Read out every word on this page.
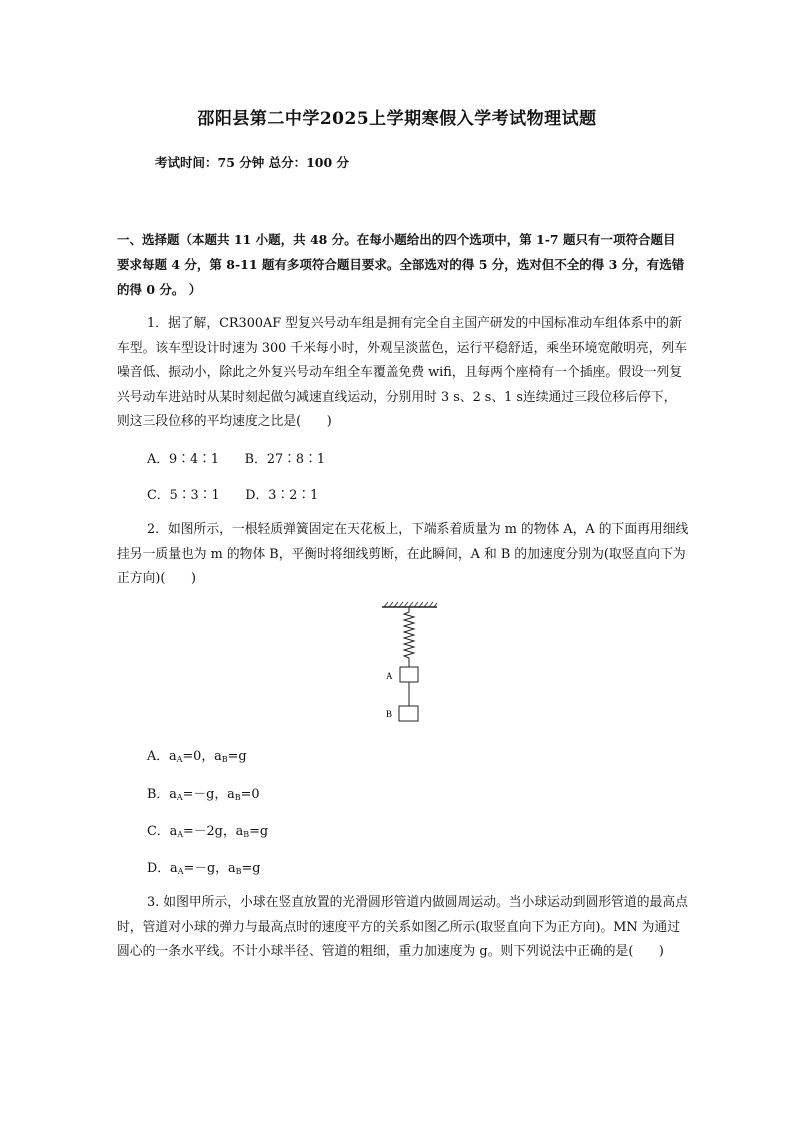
邵阳县第二中学2025上学期寒假入学考试物理试题
考试时间：75 分钟 总分：100 分
一、选择题（本题共 11 小题，共 48 分。在每小题给出的四个选项中，第 1-7 题只有一项符合题目要求每题 4 分，第 8-11 题有多项符合题目要求。全部选对的得 5 分，选对但不全的得 3 分，有选错的得 0 分。 ）
1．据了解，CR300AF 型复兴号动车组是拥有完全自主国产研发的中国标准动车组体系中的新车型。该车型设计时速为 300 千米每小时，外观呈淡蓝色，运行平稳舒适，乘坐环境宽敞明亮，列车噪音低、振动小，除此之外复兴号动车组全车覆盖免费 wifi，且每两个座椅有一个插座。假设一列复兴号动车进站时从某时刻起做匀减速直线运动，分别用时 3 s、2 s、1 s连续通过三段位移后停下，则这三段位移的平均速度之比是(　　)
A．9∶4∶1　　B．27∶8∶1
C．5∶3∶1　　D．3∶2∶1
2．如图所示，一根轻质弹簧固定在天花板上，下端系着质量为 m 的物体 A，A 的下面再用细线挂另一质量也为 m 的物体 B，平衡时将细线剪断，在此瞬间，A 和 B 的加速度分别为(取竖直向下为正方向)(　　)
A
B
A．$a_A=0$，$a_B=g$
B．$a_A=-g$，$a_B=0$
C．$a_A=-2g$，$a_B=g$
D．$a_A=-g$，$a_B=g$
3. 如图甲所示，小球在竖直放置的光滑圆形管道内做圆周运动。当小球运动到圆形管道的最高点时，管道对小球的弹力与最高点时的速度平方的关系如图乙所示(取竖直向下为正方向)。MN 为通过圆心的一条水平线。不计小球半径、管道的粗细，重力加速度为 g。则下列说法中正确的是(　　)
